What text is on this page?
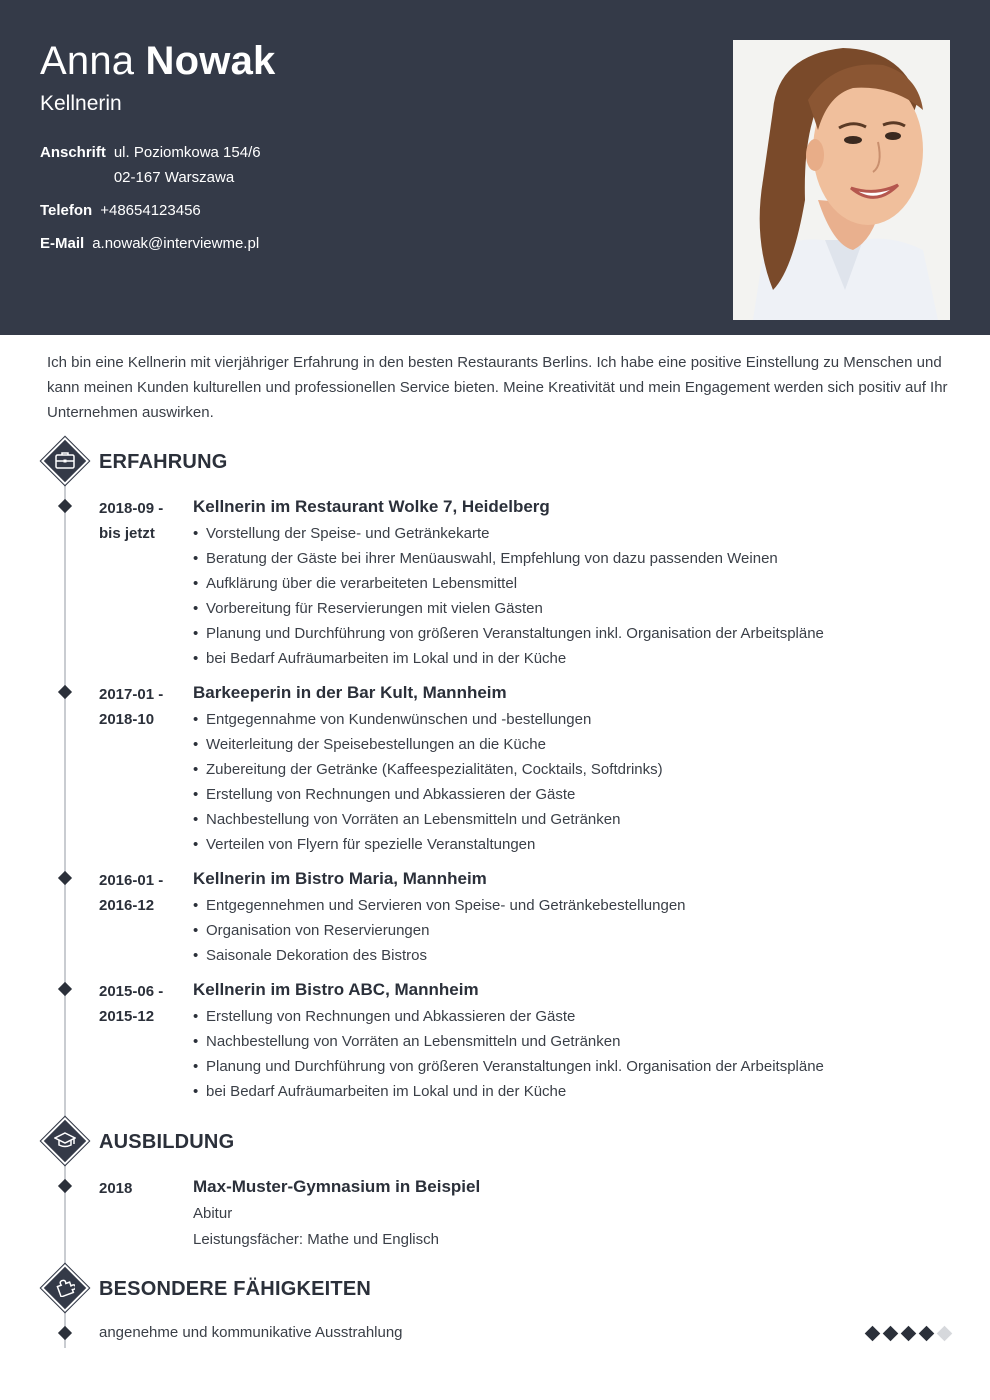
Anna Nowak
Kellnerin
Anschrift ul. Poziomkowa 154/6
02-167 Warszawa
Telefon +48654123456
E-Mail a.nowak@interviewme.pl

Ich bin eine Kellnerin mit vierjähriger Erfahrung in den besten Restaurants Berlins. Ich habe eine positive Einstellung zu Menschen und kann meinen Kunden kulturellen und professionellen Service bieten. Meine Kreativität und mein Engagement werden sich positiv auf Ihr Unternehmen auswirken.

ERFAHRUNG
2018-09 -
bis jetzt
Kellnerin im Restaurant Wolke 7, Heidelberg
• Vorstellung der Speise- und Getränkekarte
• Beratung der Gäste bei ihrer Menüauswahl, Empfehlung von dazu passenden Weinen
• Aufklärung über die verarbeiteten Lebensmittel
• Vorbereitung für Reservierungen mit vielen Gästen
• Planung und Durchführung von größeren Veranstaltungen inkl. Organisation der Arbeitspläne
• bei Bedarf Aufräumarbeiten im Lokal und in der Küche
2017-01 -
2018-10
Barkeeperin in der Bar Kult, Mannheim
• Entgegennahme von Kundenwünschen und -bestellungen
• Weiterleitung der Speisebestellungen an die Küche
• Zubereitung der Getränke (Kaffeespezialitäten, Cocktails, Softdrinks)
• Erstellung von Rechnungen und Abkassieren der Gäste
• Nachbestellung von Vorräten an Lebensmitteln und Getränken
• Verteilen von Flyern für spezielle Veranstaltungen
2016-01 -
2016-12
Kellnerin im Bistro Maria, Mannheim
• Entgegennehmen und Servieren von Speise- und Getränkebestellungen
• Organisation von Reservierungen
• Saisonale Dekoration des Bistros
2015-06 -
2015-12
Kellnerin im Bistro ABC, Mannheim
• Erstellung von Rechnungen und Abkassieren der Gäste
• Nachbestellung von Vorräten an Lebensmitteln und Getränken
• Planung und Durchführung von größeren Veranstaltungen inkl. Organisation der Arbeitspläne
• bei Bedarf Aufräumarbeiten im Lokal und in der Küche
AUSBILDUNG
2018	Max-Muster-Gymnasium in Beispiel
Abitur
Leistungsfächer: Mathe und Englisch
BESONDERE FÄHIGKEITEN
angenehme und kommunikative Ausstrahlung
